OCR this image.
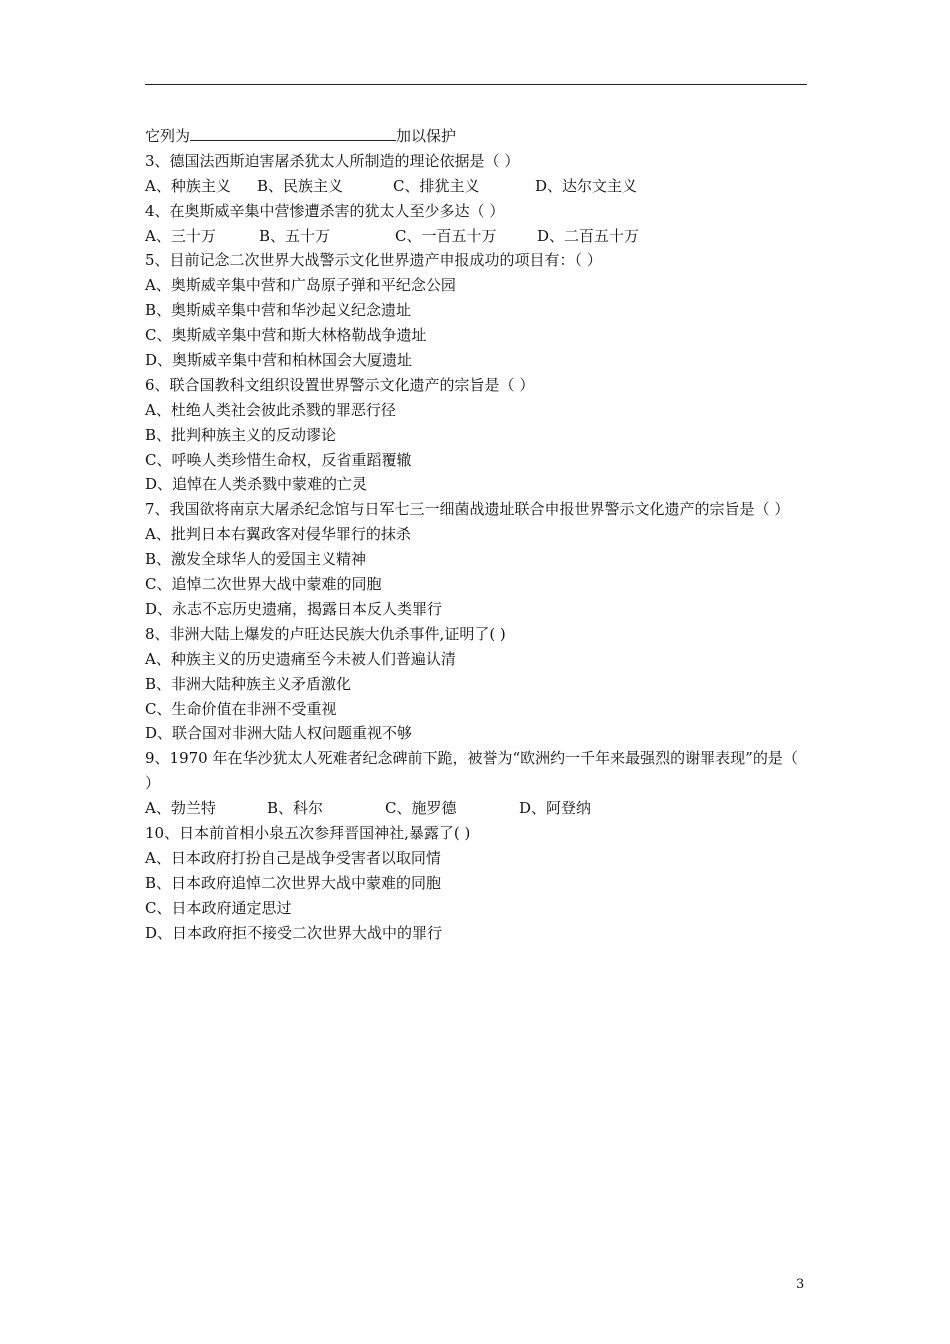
它列为	加以保护
3、德国法西斯迫害屠杀犹太人所制造的理论依据是（ ）
A、种族主义	B、民族主义	C、排犹主义	D、达尔文主义
4、在奥斯威辛集中营惨遭杀害的犹太人至少多达（ ）
A、三十万	B、五十万	C、一百五十万	D、二百五十万
5、目前记念二次世界大战警示文化世界遗产申报成功的项目有：（ ）
A、奥斯威辛集中营和广岛原子弹和平纪念公园
B、奥斯威辛集中营和华沙起义纪念遗址
C、奥斯威辛集中营和斯大林格勒战争遗址
D、奥斯威辛集中营和柏林国会大厦遗址
6、联合国教科文组织设置世界警示文化遗产的宗旨是（ ）
A、杜绝人类社会彼此杀戮的罪恶行径
B、批判种族主义的反动谬论
C、呼唤人类珍惜生命权，反省重蹈覆辙
D、追悼在人类杀戮中蒙难的亡灵
7、我国欲将南京大屠杀纪念馆与日军七三一细菌战遗址联合申报世界警示文化遗产的宗旨是（ ）
A、批判日本右翼政客对侵华罪行的抹杀
B、激发全球华人的爱国主义精神
C、追悼二次世界大战中蒙难的同胞
D、永志不忘历史遗痛，揭露日本反人类罪行
8、非洲大陆上爆发的卢旺达民族大仇杀事件,证明了( )
A、种族主义的历史遗痛至今未被人们普遍认清
B、非洲大陆种族主义矛盾激化
C、生命价值在非洲不受重视
D、联合国对非洲大陆人权问题重视不够
9、1970 年在华沙犹太人死难者纪念碑前下跪，被誉为“欧洲约一千年来最强烈的谢罪表现”的是（ ）
A、勃兰特	B、科尔	C、施罗德	D、阿登纳
10、日本前首相小泉五次参拜晋国神社,暴露了( )
A、日本政府打扮自己是战争受害者以取同情
B、日本政府追悼二次世界大战中蒙难的同胞
C、日本政府通定思过
D、日本政府拒不接受二次世界大战中的罪行
3
